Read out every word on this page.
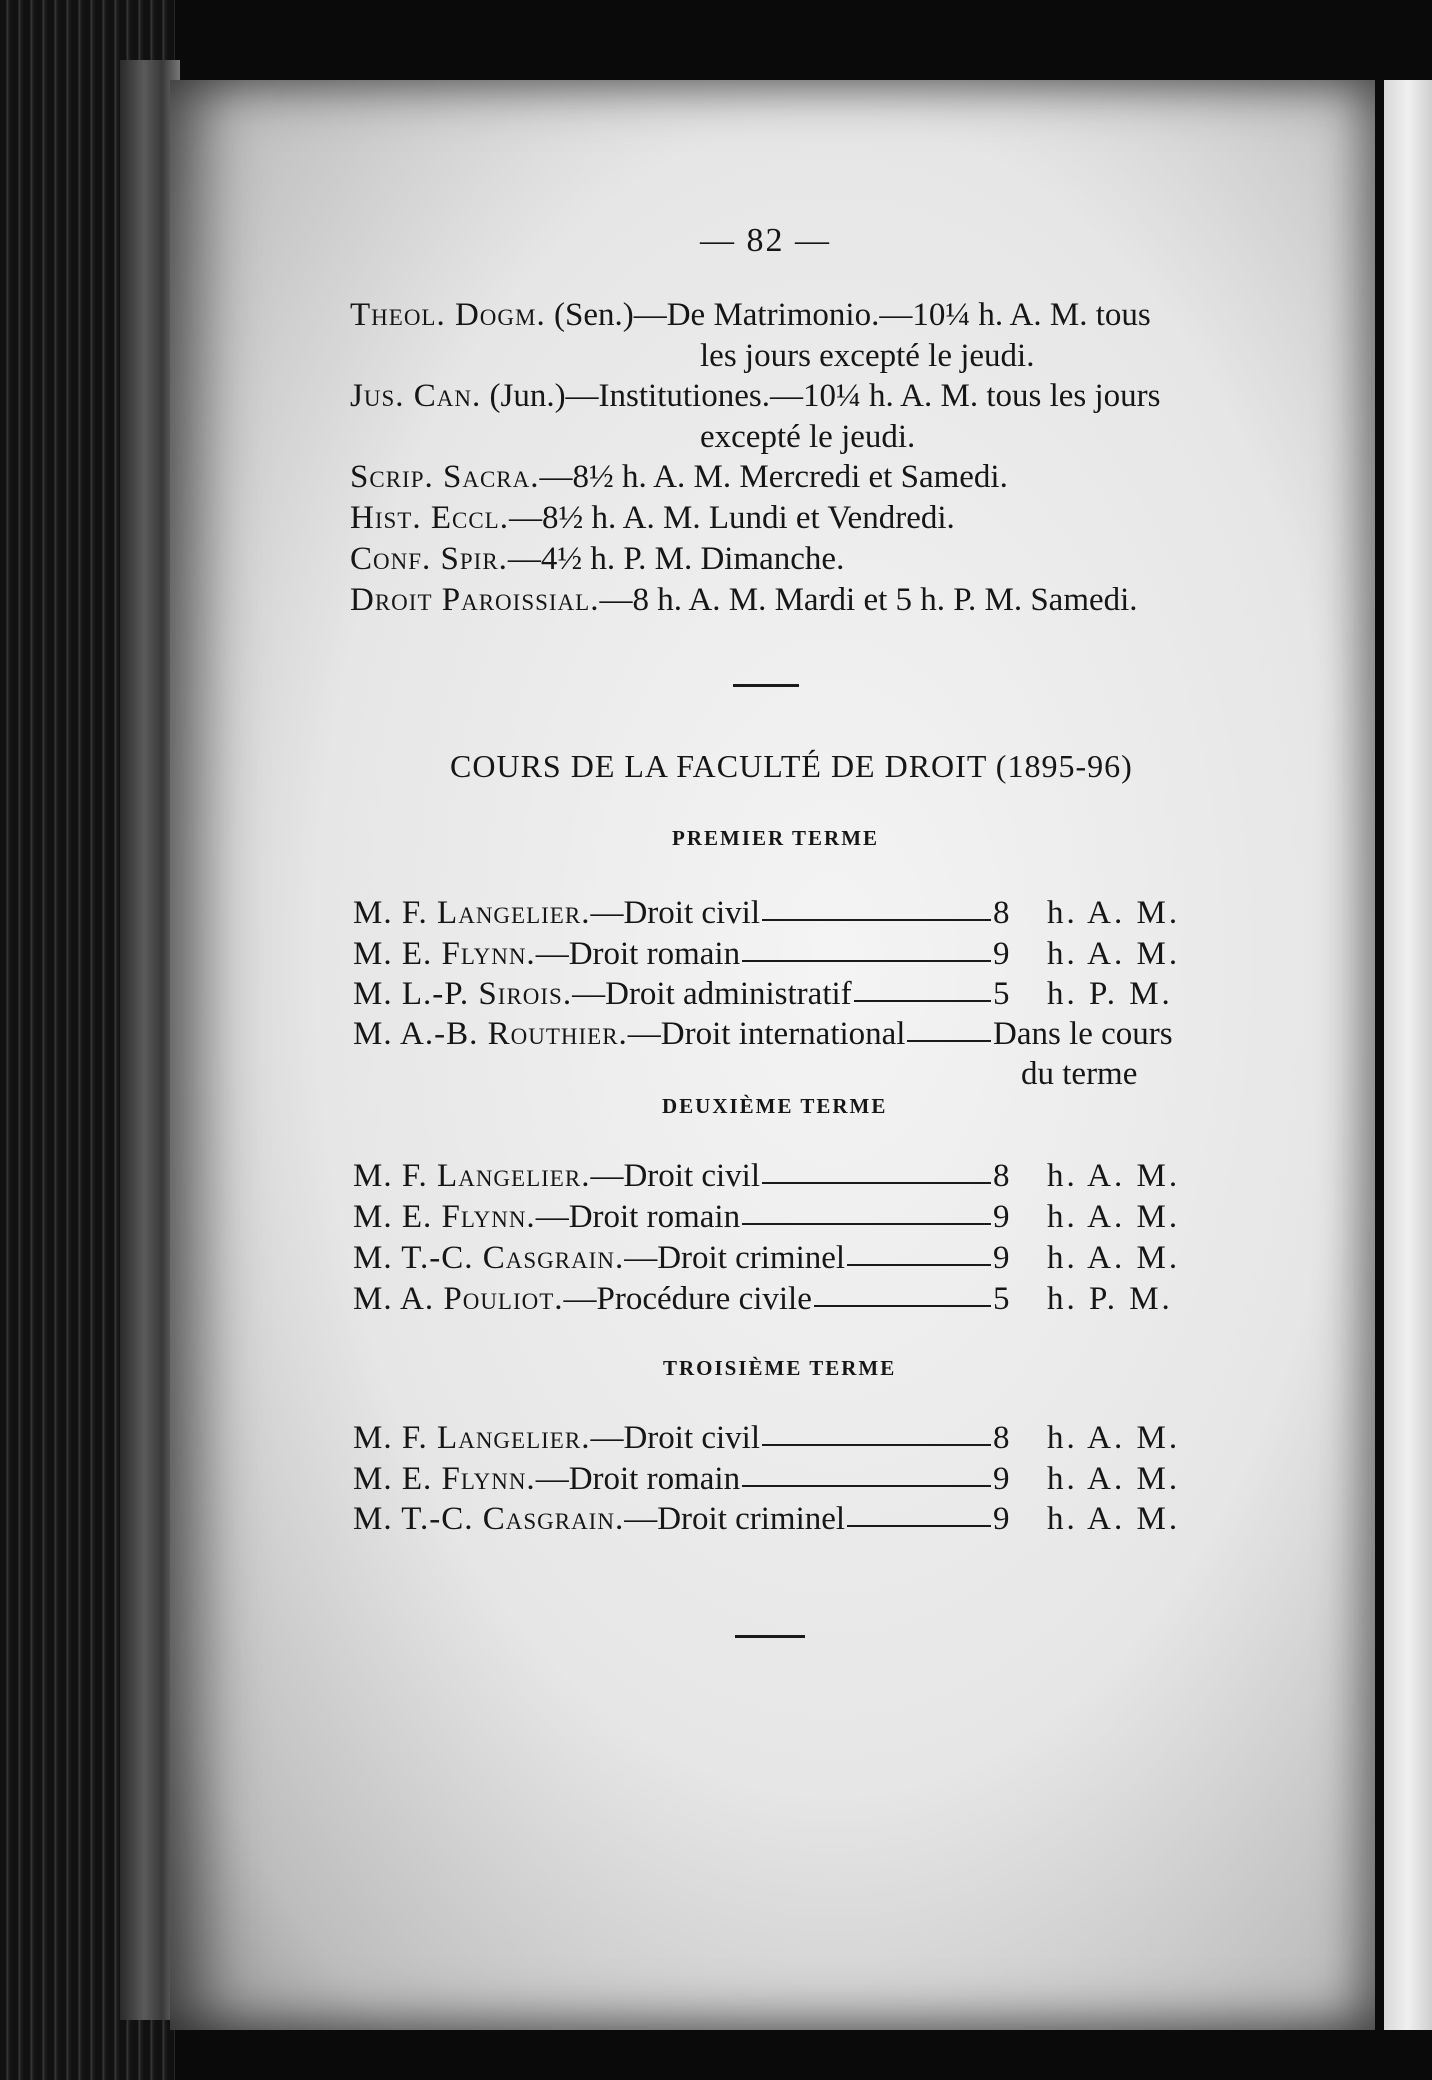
— 82 —
Theol. Dogm. (Sen.)—De Matrimonio.—10¼ h. A. M. tous
les jours excepté le jeudi.
Jus. Can. (Jun.)—Institutiones.—10¼ h. A. M. tous les jours
excepté le jeudi.
Scrip. Sacra.—8½ h. A. M. Mercredi et Samedi.
Hist. Eccl.—8½ h. A. M. Lundi et Vendredi.
Conf. Spir.—4½ h. P. M. Dimanche.
Droit Paroissial.—8 h. A. M. Mardi et 5 h. P. M. Samedi.
COURS DE LA FACULTÉ DE DROIT (1895-96)
PREMIER TERME
M. F. Langelier.—Droit civil	8 h. A. M.
M. E. Flynn.—Droit romain	9 h. A. M.
M. L.-P. Sirois.—Droit administratif	5 h. P. M.
M. A.-B. Routhier.—Droit international	Dans le cours
du terme
DEUXIÈME TERME
M. F. Langelier.—Droit civil	8 h. A. M.
M. E. Flynn.—Droit romain	9 h. A. M.
M. T.-C. Casgrain.—Droit criminel	9 h. A. M.
M. A. Pouliot.—Procédure civile	5 h. P. M.
TROISIÈME TERME
M. F. Langelier.—Droit civil	8 h. A. M.
M. E. Flynn.—Droit romain	9 h. A. M.
M. T.-C. Casgrain.—Droit criminel	9 h. A. M.
